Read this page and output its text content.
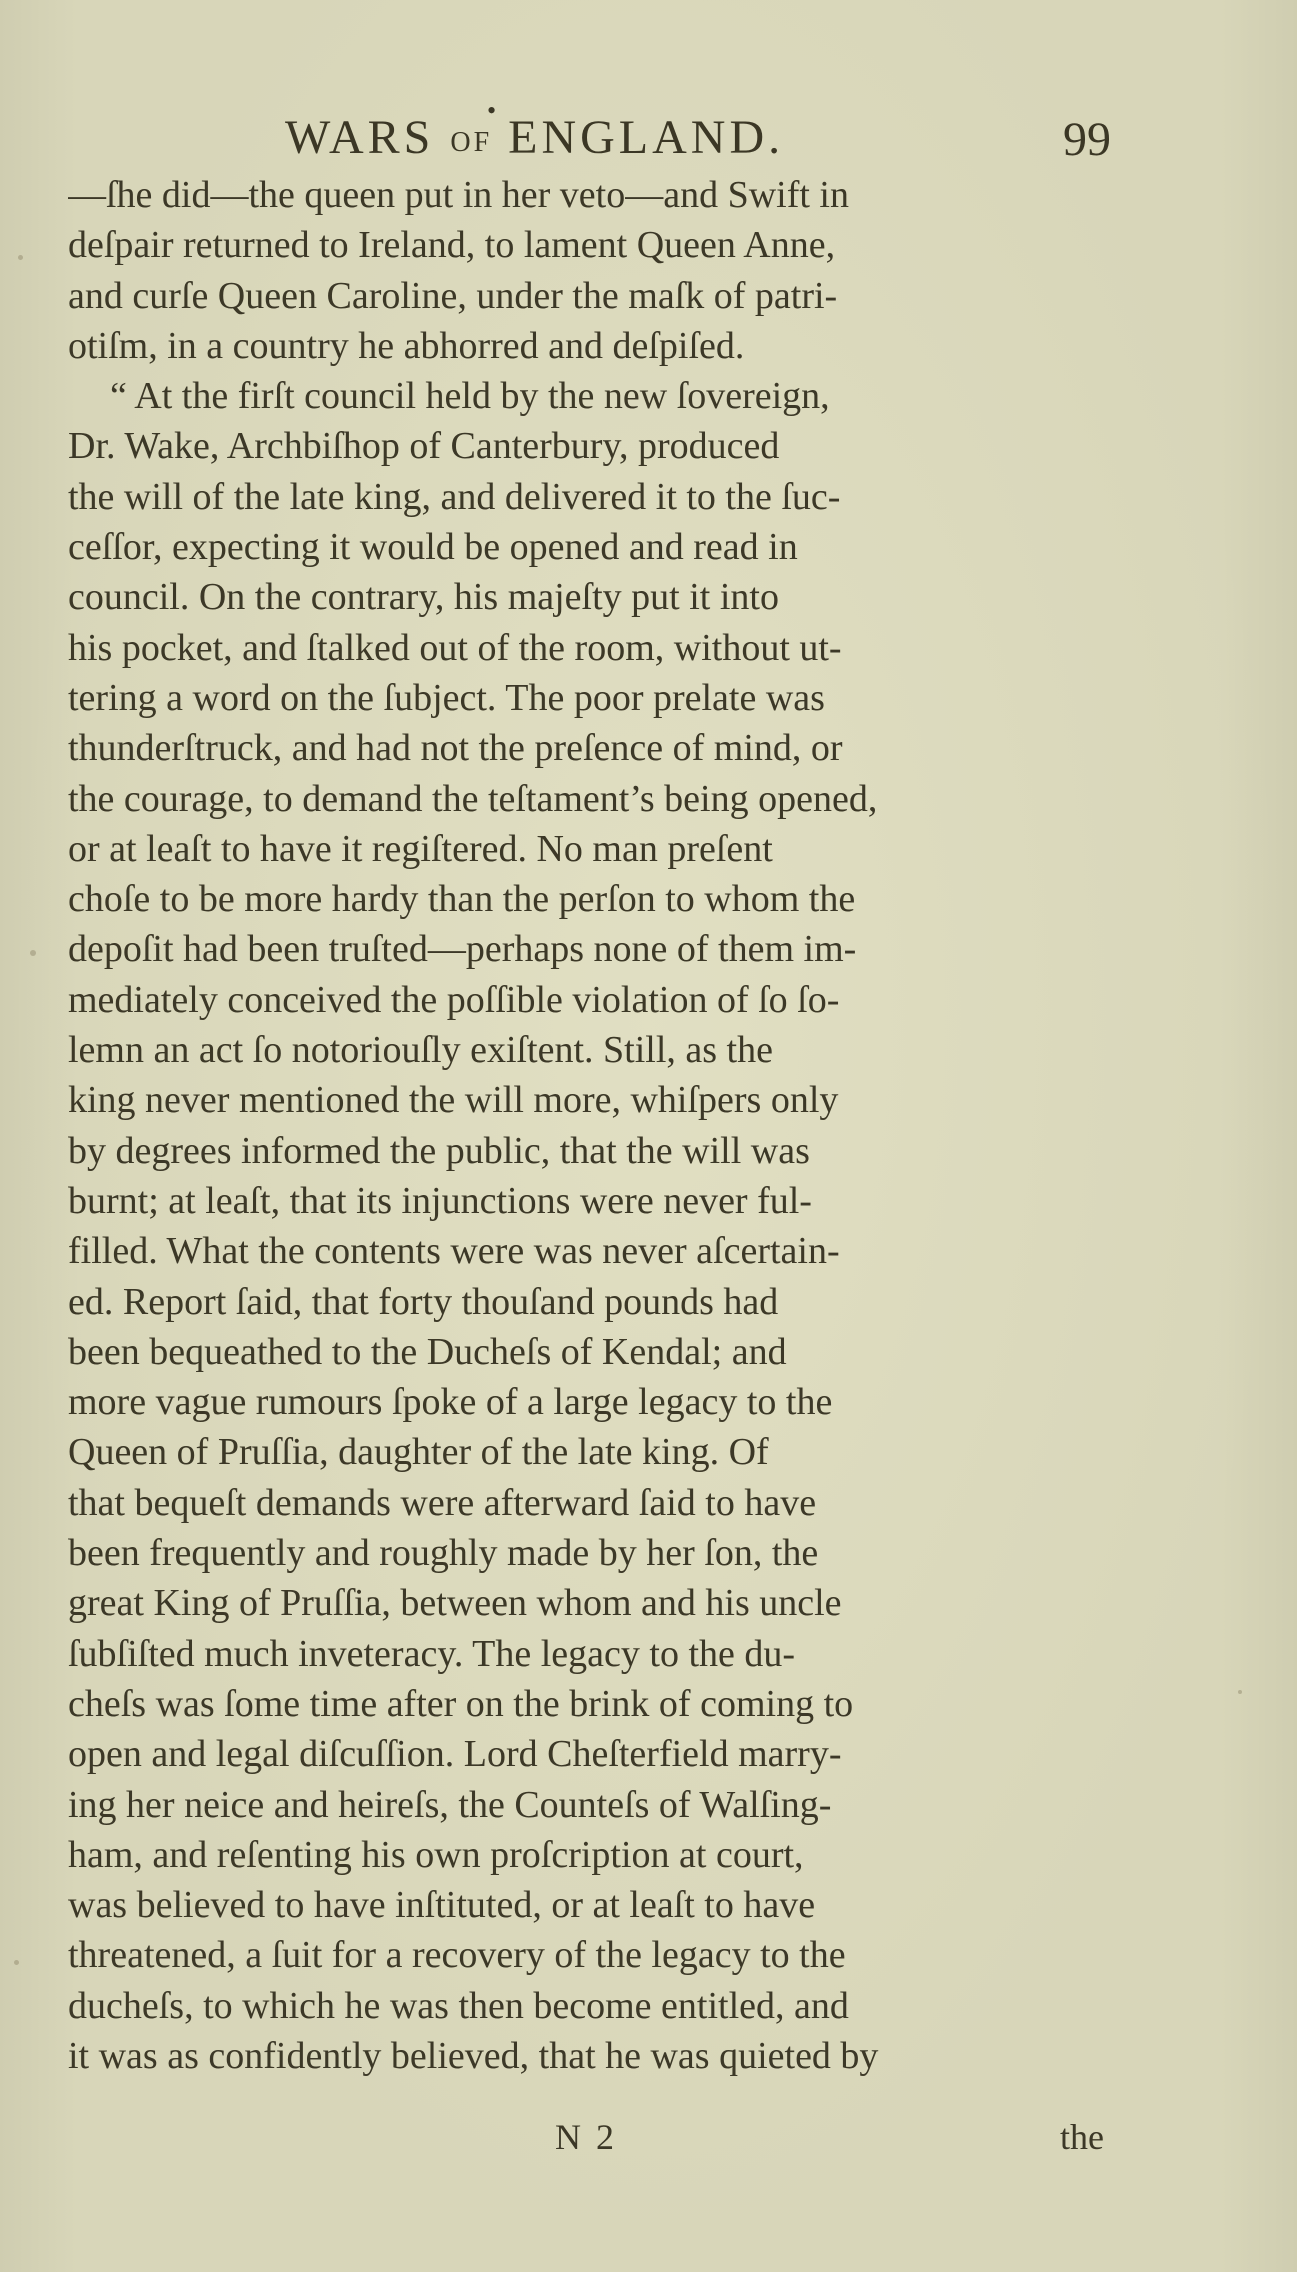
•
WARS OF ENGLAND.	99
—ſhe did—the queen put in her veto—and Swift in
deſpair returned to Ireland, to lament Queen Anne,
and curſe Queen Caroline, under the maſk of patri-
otiſm, in a country he abhorred and deſpiſed.
“ At the firſt council held by the new ſovereign,
Dr. Wake, Archbiſhop of Canterbury, produced
the will of the late king, and delivered it to the ſuc-
ceſſor, expecting it would be opened and read in
council. On the contrary, his majeſty put it into
his pocket, and ſtalked out of the room, without ut-
tering a word on the ſubject. The poor prelate was
thunderſtruck, and had not the preſence of mind, or
the courage, to demand the teſtament’s being opened,
or at leaſt to have it regiſtered. No man preſent
choſe to be more hardy than the perſon to whom the
depoſit had been truſted—perhaps none of them im-
mediately conceived the poſſible violation of ſo ſo-
lemn an act ſo notoriouſly exiſtent. Still, as the
king never mentioned the will more, whiſpers only
by degrees informed the public, that the will was
burnt; at leaſt, that its injunctions were never ful-
filled. What the contents were was never aſcertain-
ed. Report ſaid, that forty thouſand pounds had
been bequeathed to the Ducheſs of Kendal; and
more vague rumours ſpoke of a large legacy to the
Queen of Pruſſia, daughter of the late king. Of
that bequeſt demands were afterward ſaid to have
been frequently and roughly made by her ſon, the
great King of Pruſſia, between whom and his uncle
ſubſiſted much inveteracy. The legacy to the du-
cheſs was ſome time after on the brink of coming to
open and legal diſcuſſion. Lord Cheſterfield marry-
ing her neice and heireſs, the Counteſs of Walſing-
ham, and reſenting his own proſcription at court,
was believed to have inſtituted, or at leaſt to have
threatened, a ſuit for a recovery of the legacy to the
ducheſs, to which he was then become entitled, and
it was as confidently believed, that he was quieted by
N 2	the
